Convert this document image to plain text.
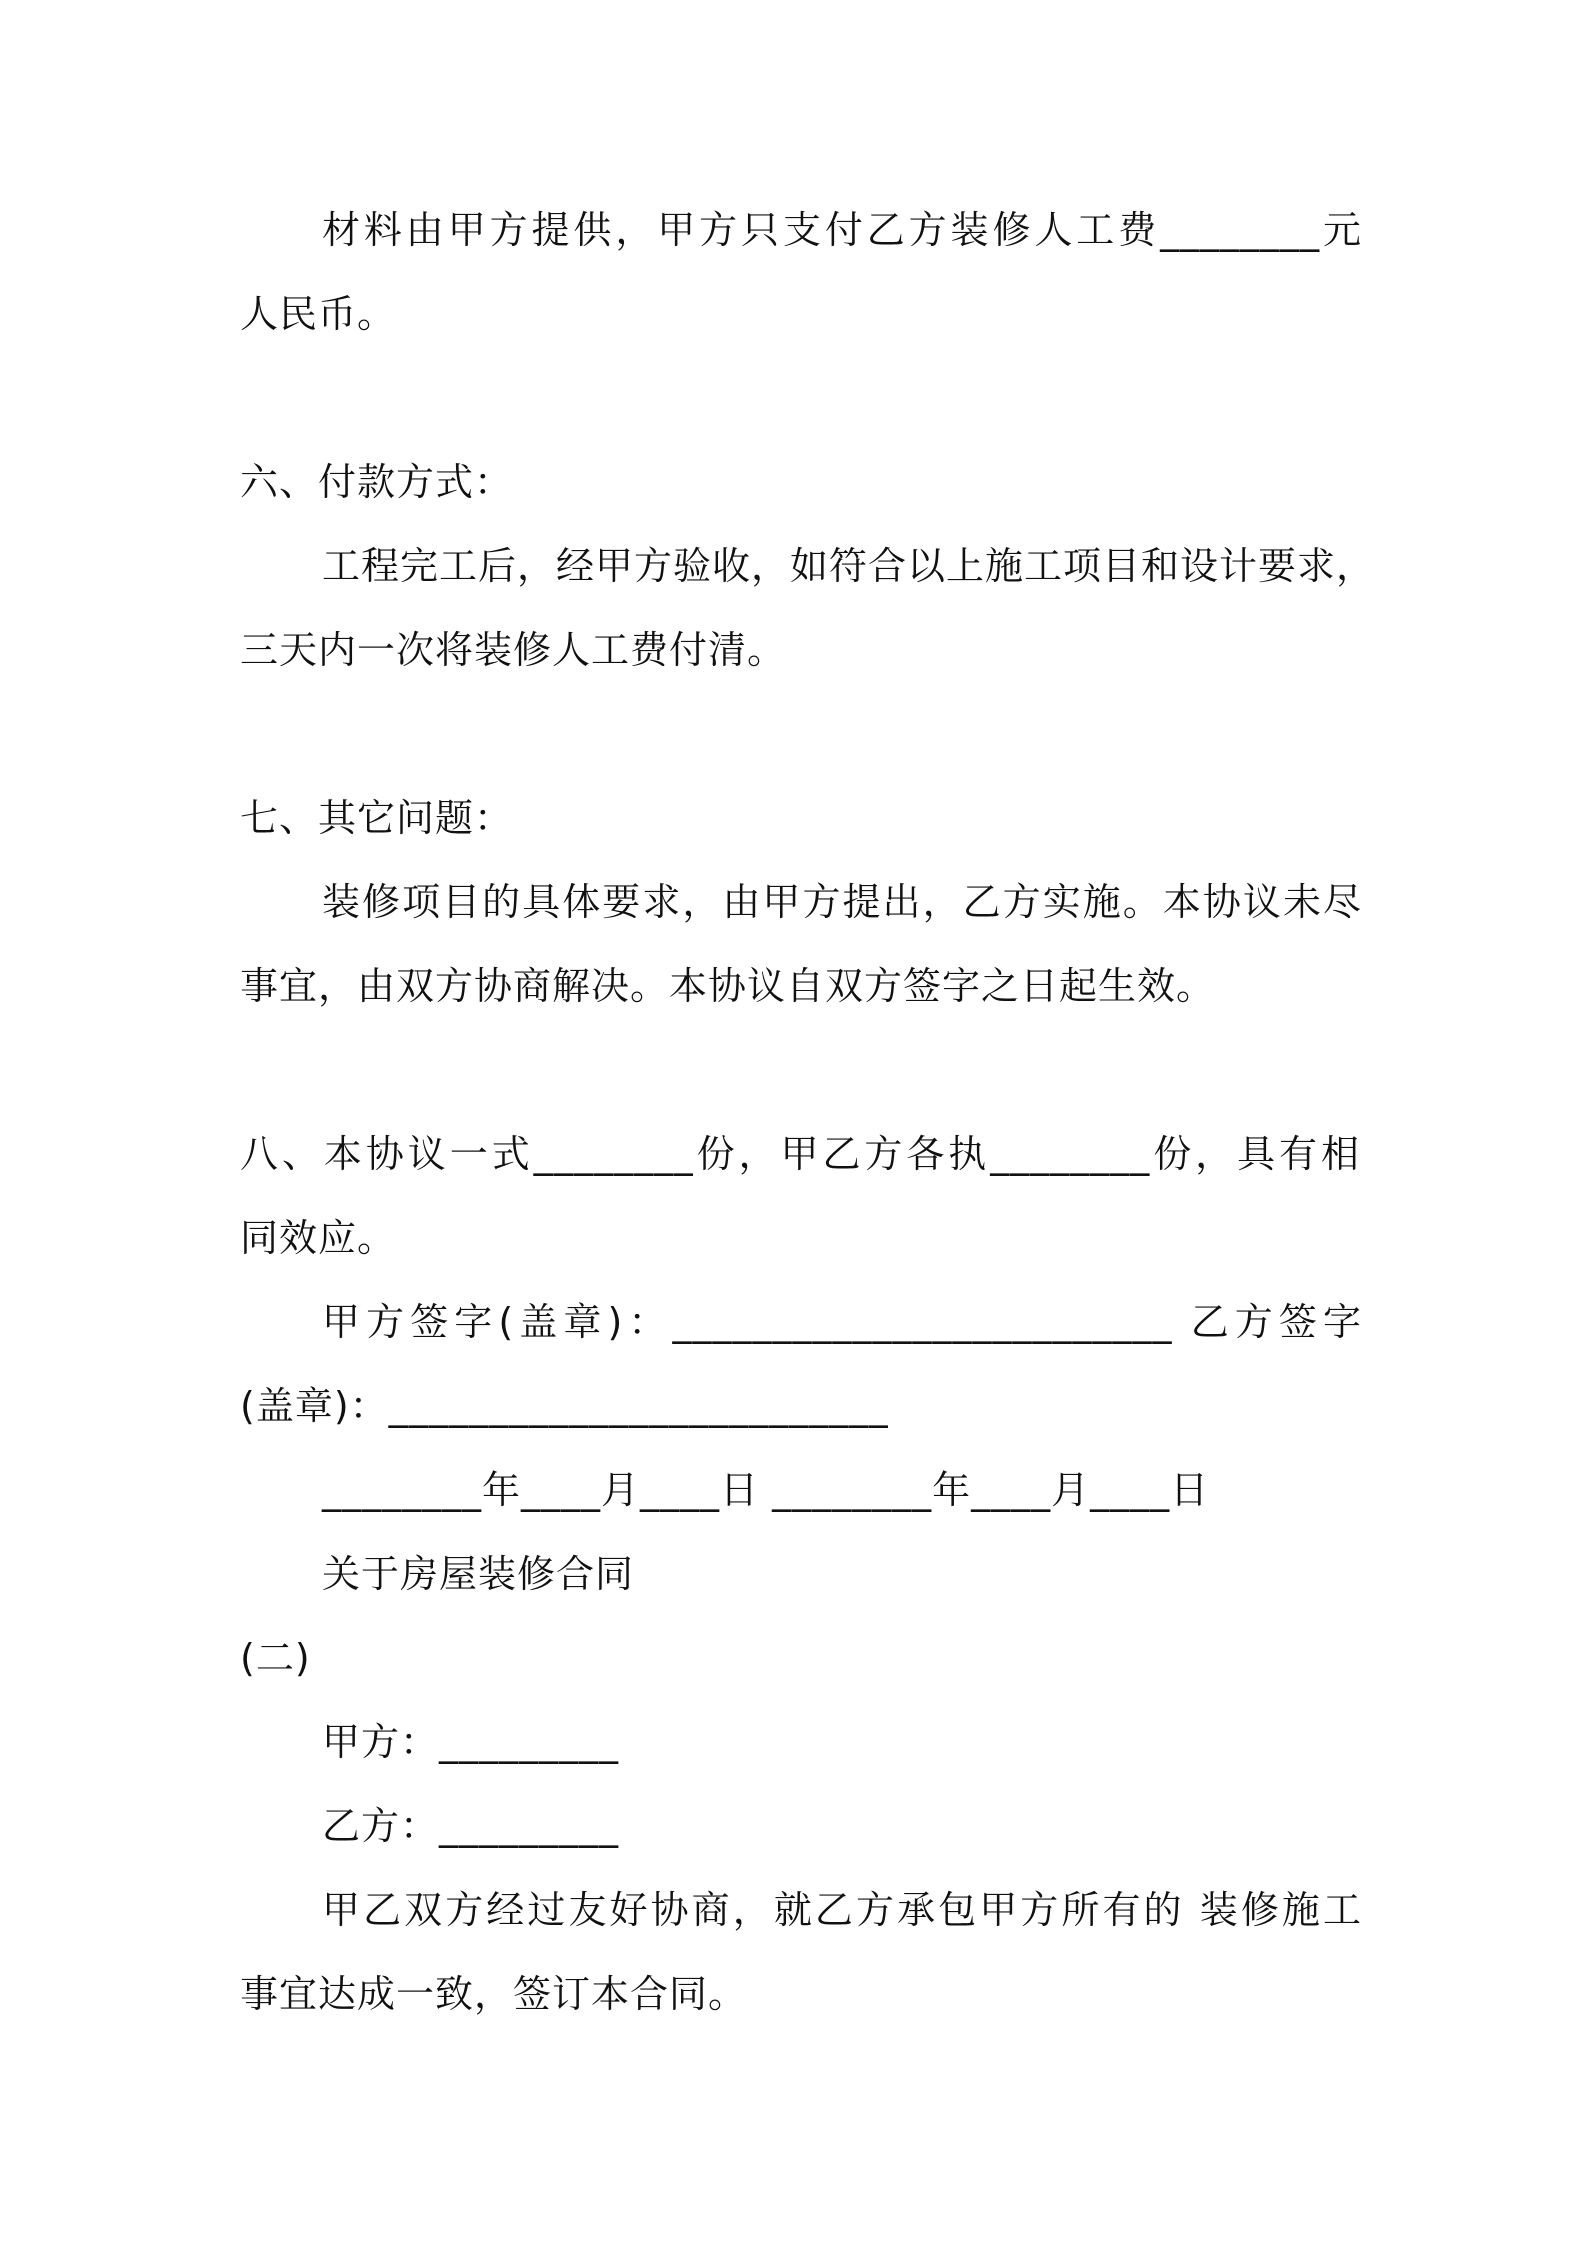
材料由甲方提供，甲方只支付乙方装修人工费________元
人民币。
六、付款方式：
工程完工后，经甲方验收，如符合以上施工项目和设计要求，
三天内一次将装修人工费付清。
七、其它问题：
装修项目的具体要求，由甲方提出，乙方实施。本协议未尽
事宜，由双方协商解决。本协议自双方签字之日起生效。
八、本协议一式________份，甲乙方各执________份，具有相
同效应。
甲方签字(盖章)：_________________________ 乙方签字
(盖章)：_________________________
________年____月____日 ________年____月____日
关于房屋装修合同
(二)
甲方：_________
乙方：_________
甲乙双方经过友好协商，就乙方承包甲方所有的 装修施工
事宜达成一致，签订本合同。
